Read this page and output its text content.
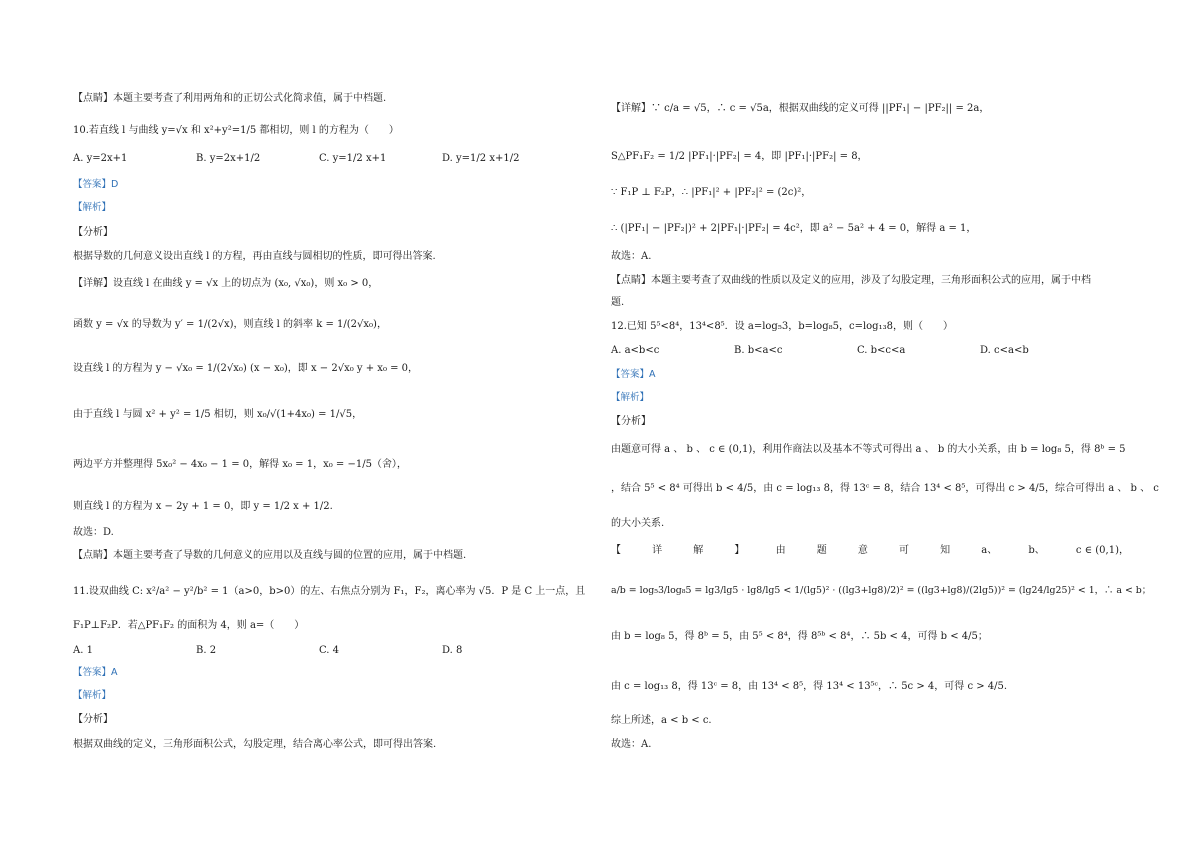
【点睛】本题主要考查了利用两角和的正切公式化简求值，属于中档题.
10.若直线 l 与曲线 y=√x 和 x²+y²=1/5 都相切，则 l 的方程为（　　）
A. y=2x+1	B. y=2x+1/2	C. y=1/2 x+1	D. y=1/2 x+1/2
【答案】D
【解析】
【分析】
根据导数的几何意义设出直线 l 的方程，再由直线与圆相切的性质，即可得出答案.
【详解】设直线 l 在曲线 y = √x 上的切点为 (x₀, √x₀)，则 x₀ > 0，
函数 y = √x 的导数为 y′ = 1/(2√x)，则直线 l 的斜率 k = 1/(2√x₀)，
设直线 l 的方程为 y − √x₀ = 1/(2√x₀) (x − x₀)，即 x − 2√x₀ y + x₀ = 0，
由于直线 l 与圆 x² + y² = 1/5 相切，则 x₀/√(1+4x₀) = 1/√5，
两边平方并整理得 5x₀² − 4x₀ − 1 = 0，解得 x₀ = 1，x₀ = −1/5（舍），
则直线 l 的方程为 x − 2y + 1 = 0，即 y = 1/2 x + 1/2.
故选：D.
【点睛】本题主要考查了导数的几何意义的应用以及直线与圆的位置的应用，属于中档题.
11.设双曲线 C: x²/a² − y²/b² = 1（a>0，b>0）的左、右焦点分别为 F₁，F₂，离心率为 √5．P 是 C 上一点，且
F₁P⊥F₂P．若△PF₁F₂ 的面积为 4，则 a=（　　）
A. 1	B. 2	C. 4	D. 8
【答案】A
【解析】
【分析】
根据双曲线的定义，三角形面积公式，勾股定理，结合离心率公式，即可得出答案.
【详解】∵ c/a = √5，∴ c = √5a，根据双曲线的定义可得 ||PF₁| − |PF₂|| = 2a，
S△PF₁F₂ = 1/2 |PF₁|·|PF₂| = 4，即 |PF₁|·|PF₂| = 8，
∵ F₁P ⊥ F₂P，∴ |PF₁|² + |PF₂|² = (2c)²，
∴ (|PF₁| − |PF₂|)² + 2|PF₁|·|PF₂| = 4c²，即 a² − 5a² + 4 = 0，解得 a = 1，
故选：A.
【点睛】本题主要考查了双曲线的性质以及定义的应用，涉及了勾股定理，三角形面积公式的应用，属于中档
题.
12.已知 5⁵<8⁴，13⁴<8⁵．设 a=log₅3，b=log₈5，c=log₁₃8，则（　　）
A. a<b<c	B. b<a<c	C. b<c<a	D. c<a<b
【答案】A
【解析】
【分析】
由题意可得 a 、 b 、 c ∈ (0,1)，利用作商法以及基本不等式可得出 a 、 b 的大小关系，由 b = log₈ 5，得 8ᵇ = 5
，结合 5⁵ < 8⁴ 可得出 b < 4/5，由 c = log₁₃ 8，得 13ᶜ = 8，结合 13⁴ < 8⁵，可得出 c > 4/5，综合可得出 a 、 b 、 c
的大小关系.
【	详	解	】	由	题	意	可	知	a、	b、	c ∈ (0,1)，
a/b = log₅3/log₈5 = lg3/lg5 · lg8/lg5 < 1/(lg5)² · ((lg3+lg8)/2)² = ((lg3+lg8)/(2lg5))² = (lg24/lg25)² < 1，∴ a < b；
由 b = log₈ 5，得 8ᵇ = 5，由 5⁵ < 8⁴，得 8⁵ᵇ < 8⁴，∴ 5b < 4，可得 b < 4/5；
由 c = log₁₃ 8，得 13ᶜ = 8，由 13⁴ < 8⁵，得 13⁴ < 13⁵ᶜ，∴ 5c > 4，可得 c > 4/5.
综上所述，a < b < c.
故选：A.
